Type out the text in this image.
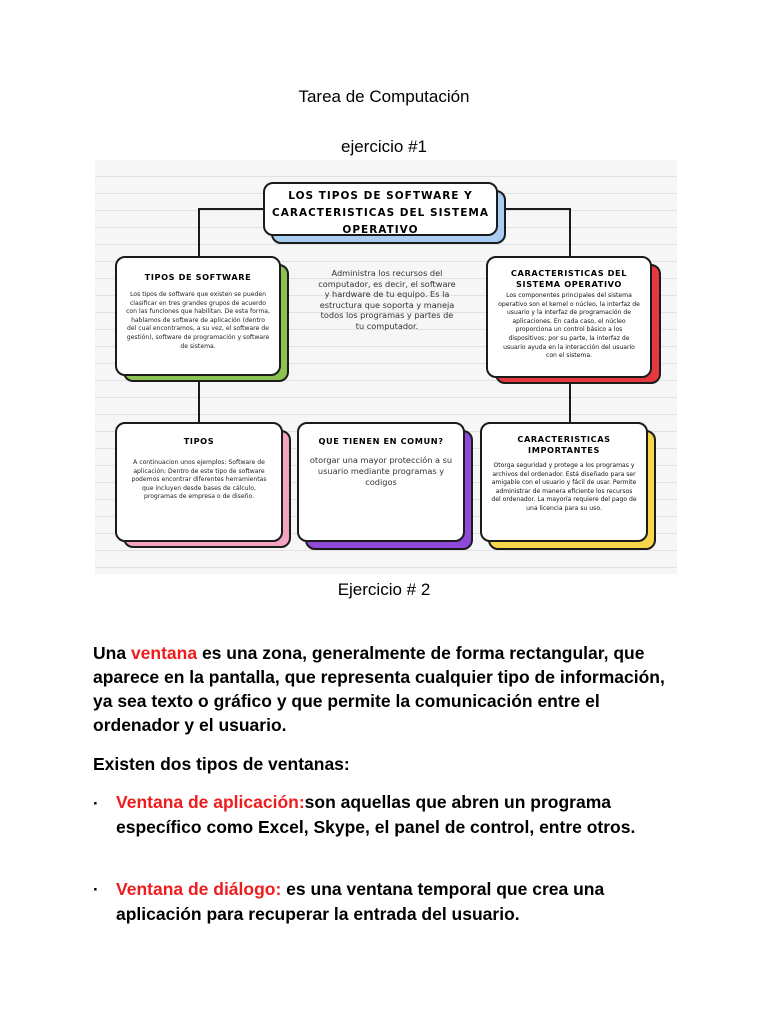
Tarea de Computación
ejercicio #1
LOS TIPOS DE SOFTWARE Y CARACTERISTICAS DEL SISTEMA OPERATIVO
Administra los recursos del computador, es decir, el software y hardware de tu equipo. Es la estructura que soporta y maneja todos los programas y partes de tu computador.
TIPOS DE SOFTWARE
Los tipos de software que existen se pueden clasificar en tres grandes grupos de acuerdo con las funciones que habilitan. De esta forma, hablamos de software de aplicación (dentro del cual encontramos, a su vez, el software de gestión), software de programación y software de sistema.
CARACTERISTICAS DEL SISTEMA OPERATIVO
Los componentes principales del sistema operativo son el kernel o núcleo, la interfaz de usuario y la interfaz de programación de aplicaciones. En cada caso, el núcleo proporciona un control básico a los dispositivos; por su parte, la interfaz de usuario ayuda en la interacción del usuario con el sistema.
TIPOS
A continuacion unos ejemplos: Software de aplicación: Dentro de este tipo de software podemos encontrar diferentes herramientas que incluyen desde bases de cálculo, programas de empresa o de diseño.
QUE TIENEN EN COMUN?
otorgar una mayor protección a su usuario mediante programas y codigos
CARACTERISTICAS IMPORTANTES
Otorga seguridad y protege a los programas y archivos del ordenador. Está diseñado para ser amigable con el usuario y fácil de usar. Permite administrar de manera eficiente los recursos del ordenador. La mayoría requiere del pago de una licencia para su uso.
Ejercicio # 2
Una ventana es una zona, generalmente de forma rectangular, que aparece en la pantalla, que representa cualquier tipo de información, ya sea texto o gráfico y que permite la comunicación entre el ordenador y el usuario.
Existen dos tipos de ventanas:
· Ventana de aplicación:son aquellas que abren un programa específico como Excel, Skype, el panel de control, entre otros.
· Ventana de diálogo: es una ventana temporal que crea una aplicación para recuperar la entrada del usuario.
